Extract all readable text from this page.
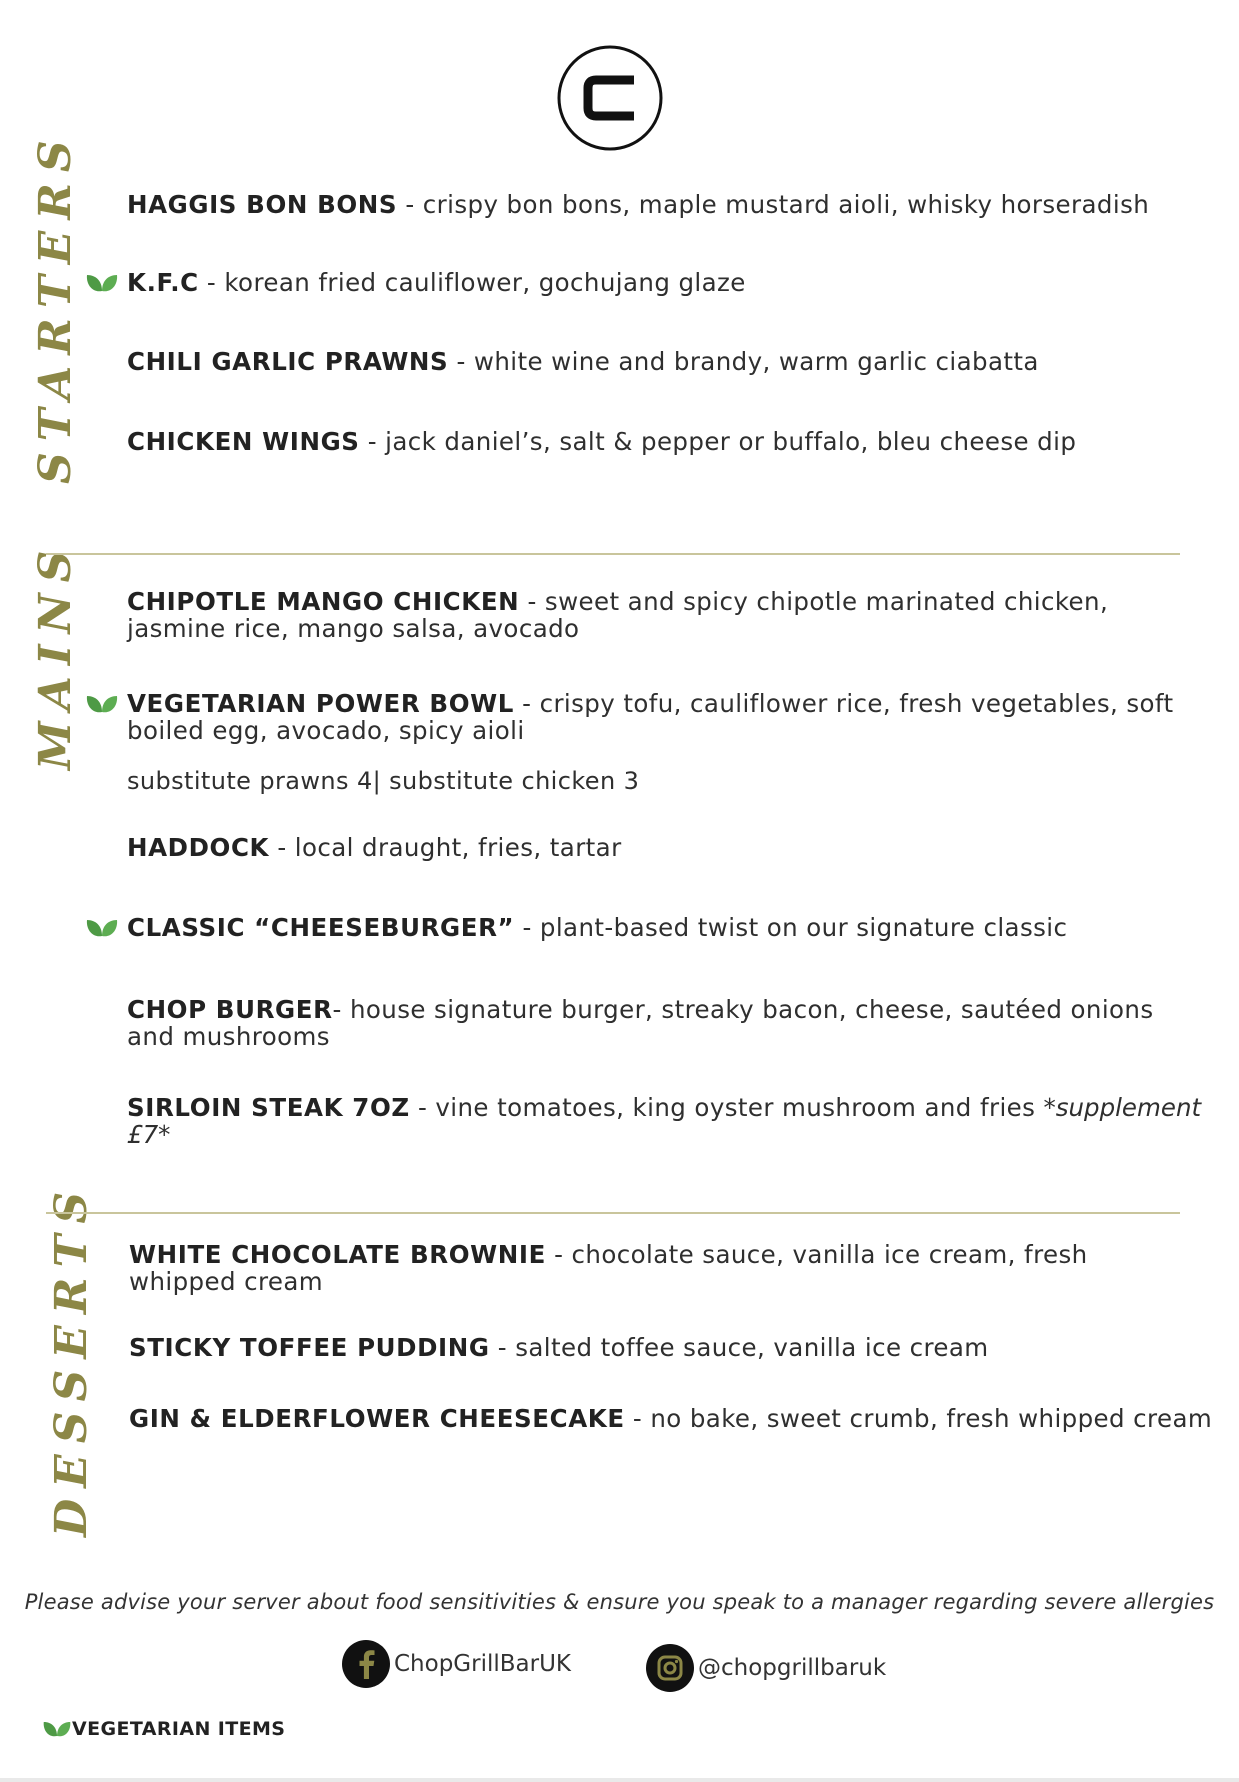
STARTERS
MAINS
DESSERTS
HAGGIS BON BONS - crispy bon bons, maple mustard aioli, whisky horseradish
K.F.C - korean fried cauliflower, gochujang glaze
CHILI GARLIC PRAWNS - white wine and brandy, warm garlic ciabatta
CHICKEN WINGS - jack daniel’s, salt & pepper or buffalo, bleu cheese dip
CHIPOTLE MANGO CHICKEN - sweet and spicy chipotle marinated chicken, jasmine rice, mango salsa, avocado
VEGETARIAN POWER BOWL - crispy tofu, cauliflower rice, fresh vegetables, soft boiled egg, avocado, spicy aioli
substitute prawns 4| substitute chicken 3
HADDOCK - local draught, fries, tartar
CLASSIC “CHEESEBURGER” - plant-based twist on our signature classic
CHOP BURGER- house signature burger, streaky bacon, cheese, sautéed onions and mushrooms
SIRLOIN STEAK 7OZ - vine tomatoes, king oyster mushroom and fries *supplement £7*
WHITE CHOCOLATE BROWNIE - chocolate sauce, vanilla ice cream, fresh whipped cream
STICKY TOFFEE PUDDING - salted toffee sauce, vanilla ice cream
GIN & ELDERFLOWER CHEESECAKE - no bake, sweet crumb, fresh whipped cream
Please advise your server about food sensitivities & ensure you speak to a manager regarding severe allergies
ChopGrillBarUK	@chopgrillbaruk
VEGETARIAN ITEMS
